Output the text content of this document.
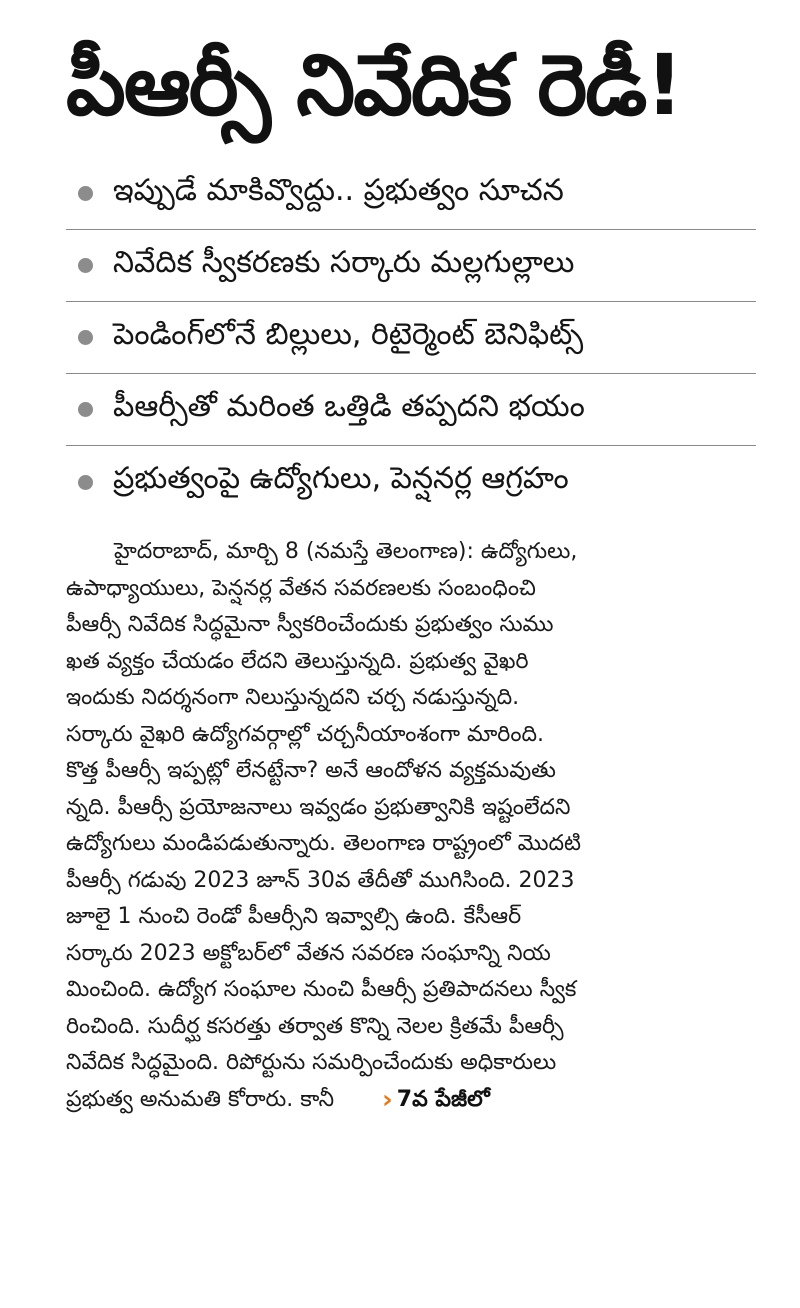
పీఆర్సీ నివేదిక రెడీ!
ఇప్పుడే మాకివ్వొద్దు.. ప్రభుత్వం సూచన
నివేదిక స్వీకరణకు సర్కారు మల్లగుల్లాలు
పెండింగ్‌లోనే బిల్లులు, రిటైర్మెంట్ బెనిఫిట్స్
పీఆర్సీతో మరింత ఒత్తిడి తప్పదని భయం
ప్రభుత్వంపై ఉద్యోగులు, పెన్షనర్ల ఆగ్రహం
హైదరాబాద్, మార్చి 8 (నమస్తే తెలంగాణ): ఉద్యోగులు,
ఉపాధ్యాయులు, పెన్షనర్ల వేతన సవరణలకు సంబంధించి
పీఆర్సీ నివేదిక సిద్ధమైనా స్వీకరించేందుకు ప్రభుత్వం సుము
ఖత వ్యక్తం చేయడం లేదని తెలుస్తున్నది. ప్రభుత్వ వైఖరి
ఇందుకు నిదర్శనంగా నిలుస్తున్నదని చర్చ నడుస్తున్నది.
సర్కారు వైఖరి ఉద్యోగవర్గాల్లో చర్చనీయాంశంగా మారింది.
కొత్త పీఆర్సీ ఇప్పట్లో లేనట్టేనా? అనే ఆందోళన వ్యక్తమవుతు
న్నది. పీఆర్సీ ప్రయోజనాలు ఇవ్వడం ప్రభుత్వానికి ఇష్టంలేదని
ఉద్యోగులు మండిపడుతున్నారు. తెలంగాణ రాష్ట్రంలో మొదటి
పీఆర్సీ గడువు 2023 జూన్ 30వ తేదీతో ముగిసింది. 2023
జూలై 1 నుంచి రెండో పీఆర్సీని ఇవ్వాల్సి ఉంది. కేసీఆర్
సర్కారు 2023 అక్టోబర్‌లో వేతన సవరణ సంఘాన్ని నియ
మించింది. ఉద్యోగ సంఘాల నుంచి పీఆర్సీ ప్రతిపాదనలు స్వీక
రించింది. సుదీర్ఘ కసరత్తు తర్వాత కొన్ని నెలల క్రితమే పీఆర్సీ
నివేదిక సిద్ధమైంది. రిపోర్టును సమర్పించేందుకు అధికారులు
ప్రభుత్వ అనుమతి కోరారు. కానీ › 7వ పేజీలో
